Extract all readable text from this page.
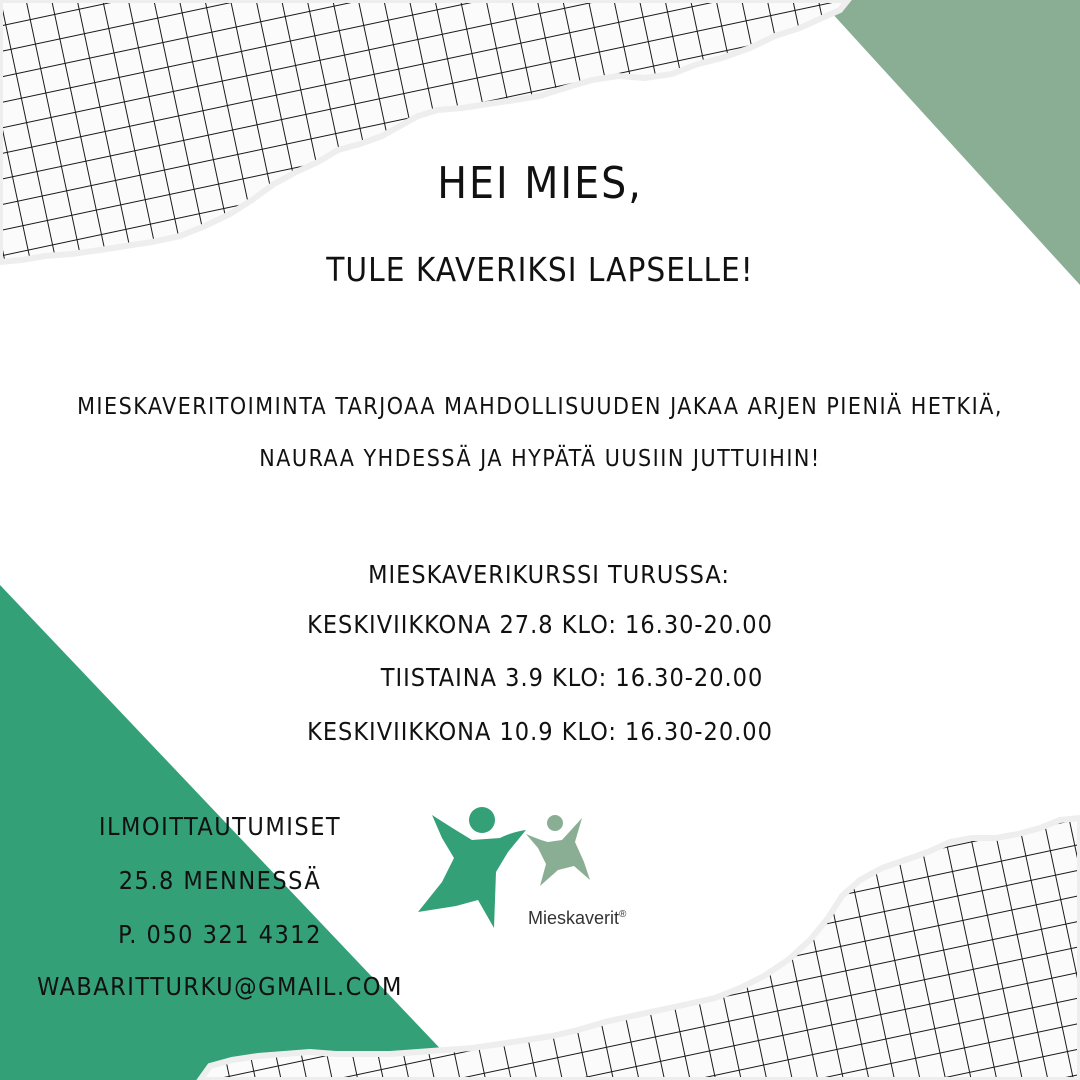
HEI MIES,
TULE KAVERIKSI LAPSELLE!
MIESKAVERITOIMINTA TARJOAA MAHDOLLISUUDEN JAKAA ARJEN PIENIÄ HETKIÄ,
NAURAA YHDESSÄ JA HYPÄTÄ UUSIIN JUTTUIHIN!
MIESKAVERIKURSSI TURUSSA:
KESKIVIIKKONA 27.8 KLO: 16.30-20.00
TIISTAINA 3.9 KLO: 16.30-20.00
KESKIVIIKKONA 10.9 KLO: 16.30-20.00
ILMOITTAUTUMISET
25.8 MENNESSÄ
P. 050 321 4312
WABARITTURKU@GMAIL.COM
Mieskaverit®
